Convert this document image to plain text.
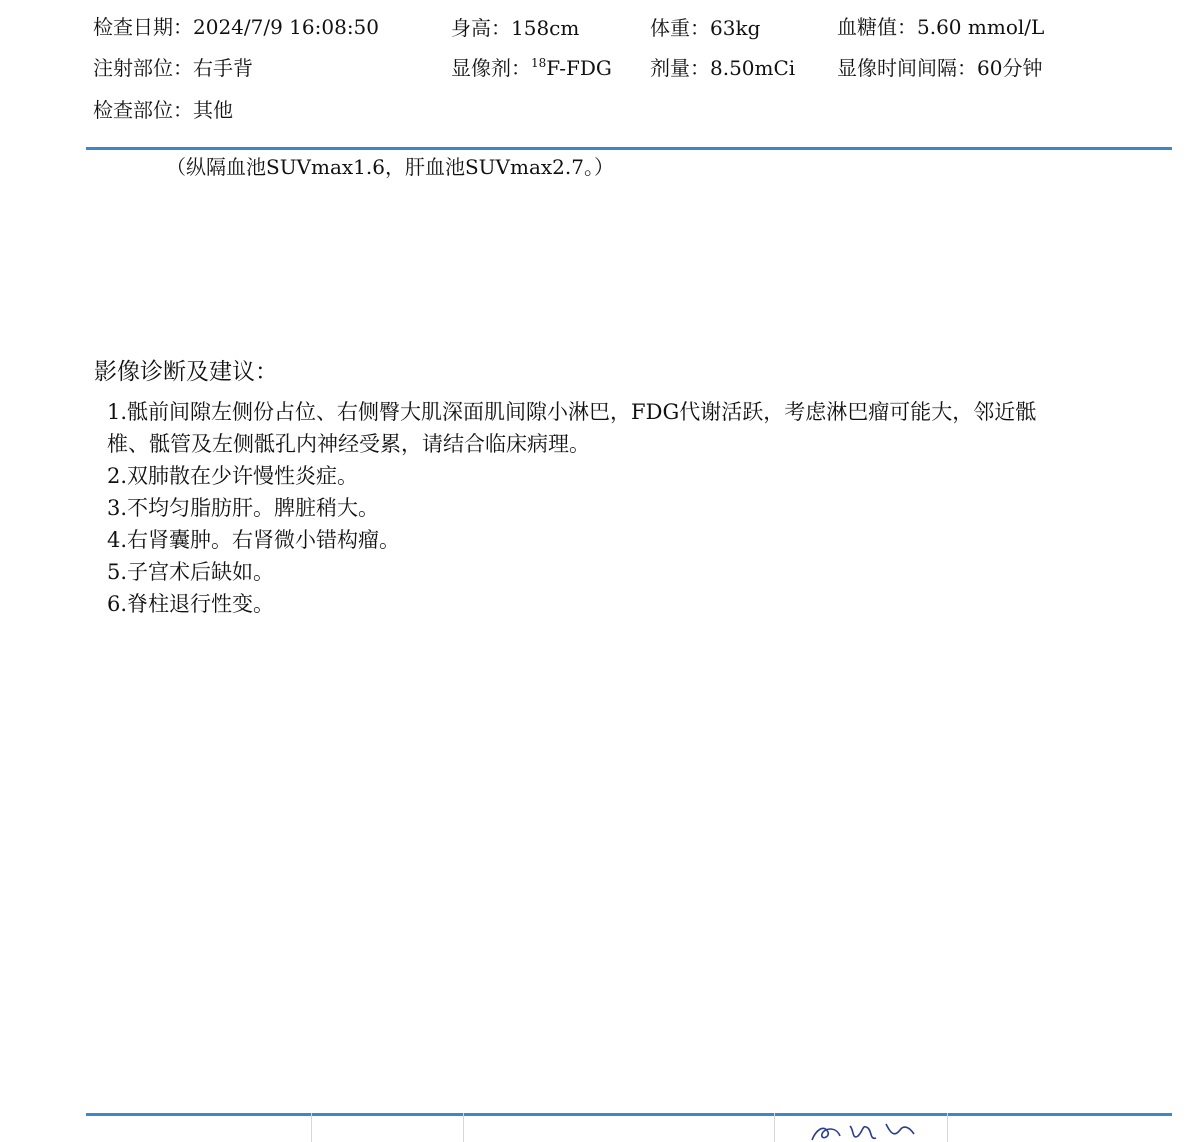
检查日期：2024/7/9 16:08:50	身高：158cm	体重：63kg	血糖值：5.60 mmol/L
注射部位：右手背	显像剂：$^{18}$F-FDG 剂量：8.50mCi 显像时间间隔：60分钟
检查部位：其他
（纵隔血池SUVmax1.6，肝血池SUVmax2.7。）
影像诊断及建议：
1.骶前间隙左侧份占位、右侧臀大肌深面肌间隙小淋巴，FDG代谢活跃，考虑淋巴瘤可能大，邻近骶椎、骶管及左侧骶孔内神经受累，请结合临床病理。
2.双肺散在少许慢性炎症。
3.不均匀脂肪肝。脾脏稍大。
4.右肾囊肿。右肾微小错构瘤。
5.子宫术后缺如。
6.脊柱退行性变。
